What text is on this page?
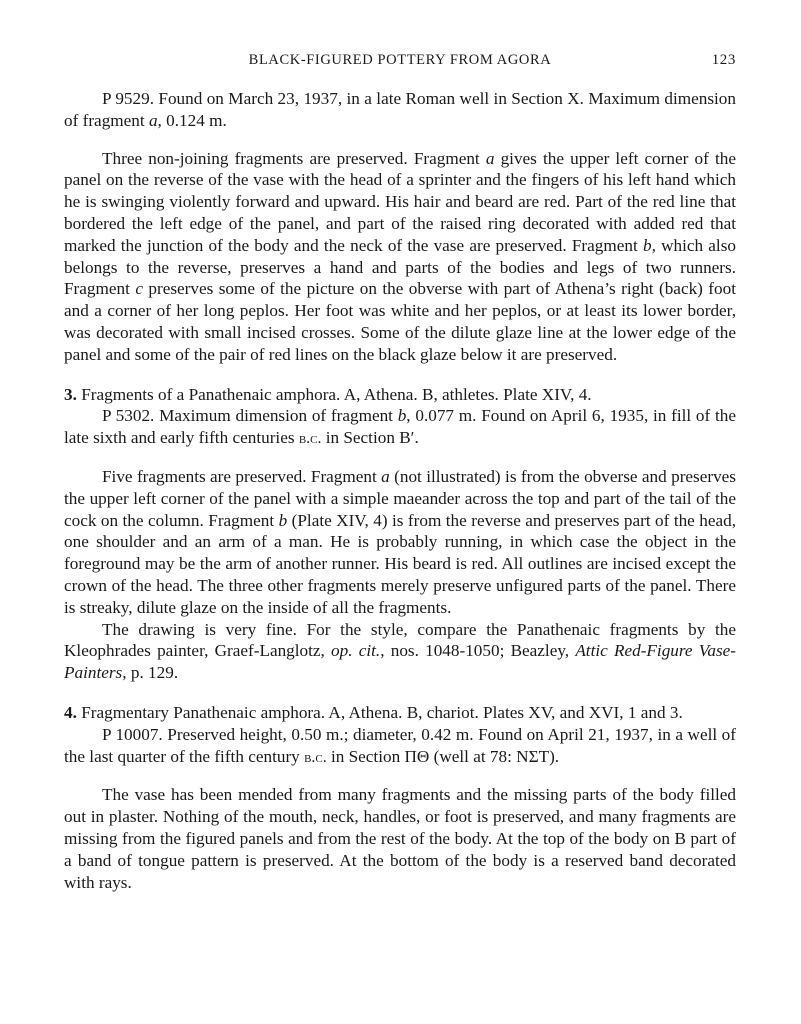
BLACK-FIGURED POTTERY FROM AGORA	123

P 9529. Found on March 23, 1937, in a late Roman well in Section X. Maximum dimension of fragment a, 0.124 m.

Three non-joining fragments are preserved. Fragment a gives the upper left corner of the panel on the reverse of the vase with the head of a sprinter and the fingers of his left hand which he is swinging violently forward and upward. His hair and beard are red. Part of the red line that bordered the left edge of the panel, and part of the raised ring decorated with added red that marked the junction of the body and the neck of the vase are preserved. Fragment b, which also belongs to the reverse, preserves a hand and parts of the bodies and legs of two runners. Fragment c preserves some of the picture on the obverse with part of Athena’s right (back) foot and a corner of her long peplos. Her foot was white and her peplos, or at least its lower border, was decorated with small incised crosses. Some of the dilute glaze line at the lower edge of the panel and some of the pair of red lines on the black glaze below it are preserved.

3. Fragments of a Panathenaic amphora. A, Athena. B, athletes. Plate XIV, 4.

P 5302. Maximum dimension of fragment b, 0.077 m. Found on April 6, 1935, in fill of the late sixth and early fifth centuries b.c. in Section B′.

Five fragments are preserved. Fragment a (not illustrated) is from the obverse and preserves the upper left corner of the panel with a simple maeander across the top and part of the tail of the cock on the column. Fragment b (Plate XIV, 4) is from the reverse and preserves part of the head, one shoulder and an arm of a man. He is probably running, in which case the object in the foreground may be the arm of another runner. His beard is red. All outlines are incised except the crown of the head. The three other fragments merely preserve unfigured parts of the panel. There is streaky, dilute glaze on the inside of all the fragments.

The drawing is very fine. For the style, compare the Panathenaic fragments by the Kleophrades painter, Graef-Langlotz, op. cit., nos. 1048-1050; Beazley, Attic Red-Figure Vase-Painters, p. 129.

4. Fragmentary Panathenaic amphora. A, Athena. B, chariot. Plates XV, and XVI, 1 and 3.

P 10007. Preserved height, 0.50 m.; diameter, 0.42 m. Found on April 21, 1937, in a well of the last quarter of the fifth century b.c. in Section ΠΘ (well at 78: ΝΣΤ).

The vase has been mended from many fragments and the missing parts of the body filled out in plaster. Nothing of the mouth, neck, handles, or foot is preserved, and many fragments are missing from the figured panels and from the rest of the body. At the top of the body on B part of a band of tongue pattern is preserved. At the bottom of the body is a reserved band decorated with rays.
